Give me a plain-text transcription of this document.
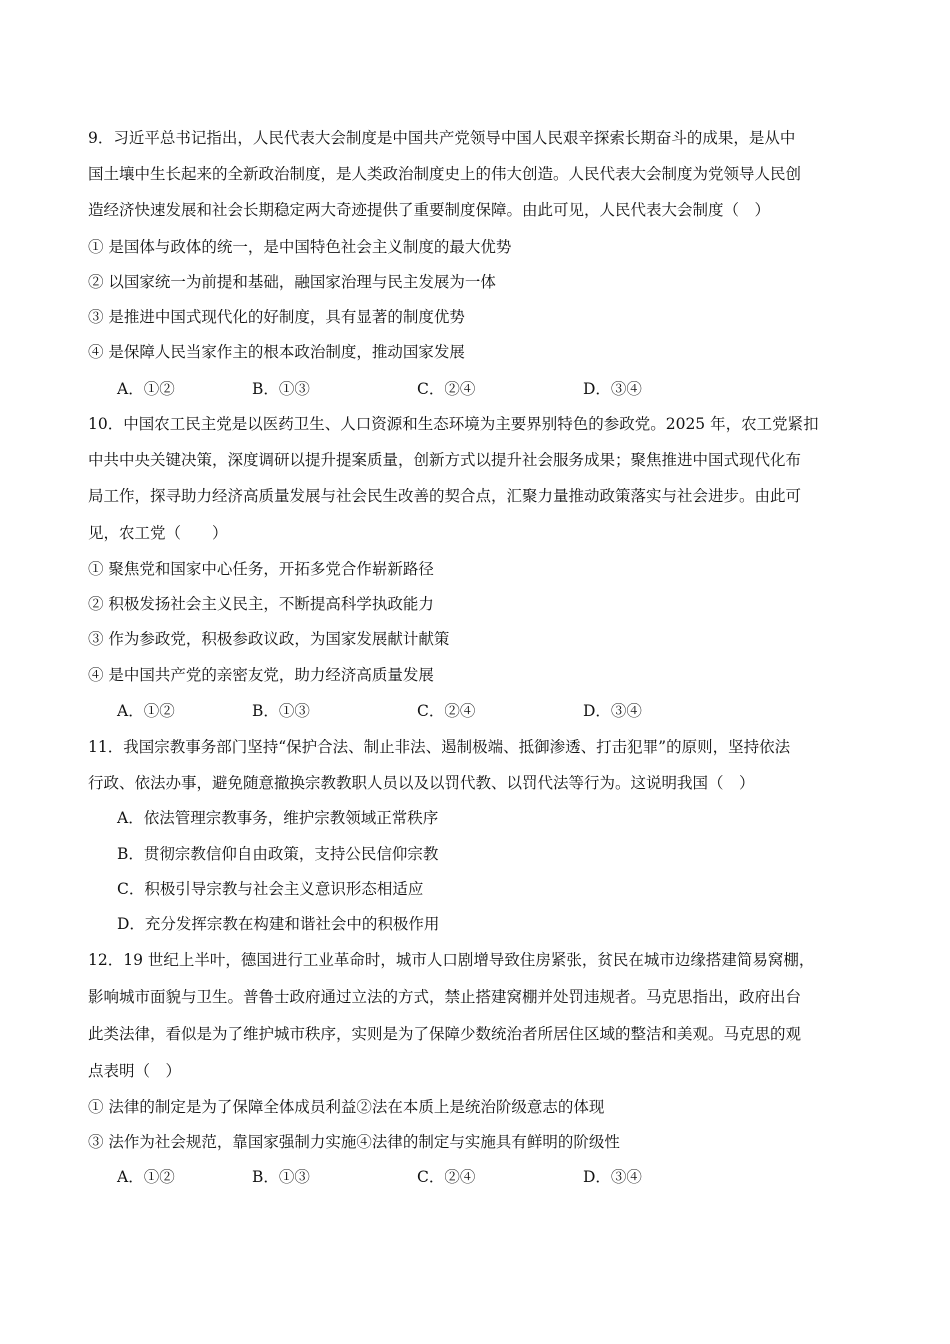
9．习近平总书记指出，人民代表大会制度是中国共产党领导中国人民艰辛探索长期奋斗的成果，是从中
国土壤中生长起来的全新政治制度，是人类政治制度史上的伟大创造。人民代表大会制度为党领导人民创
造经济快速发展和社会长期稳定两大奇迹提供了重要制度保障。由此可见，人民代表大会制度（　）
① 是国体与政体的统一，是中国特色社会主义制度的最大优势
② 以国家统一为前提和基础，融国家治理与民主发展为一体
③ 是推进中国式现代化的好制度，具有显著的制度优势
④ 是保障人民当家作主的根本政治制度，推动国家发展
A．①②	B．①③	C．②④	D．③④
10．中国农工民主党是以医药卫生、人口资源和生态环境为主要界别特色的参政党。2025 年，农工党紧扣
中共中央关键决策，深度调研以提升提案质量，创新方式以提升社会服务成果；聚焦推进中国式现代化布
局工作，探寻助力经济高质量发展与社会民生改善的契合点，汇聚力量推动政策落实与社会进步。由此可
见，农工党（　　）
① 聚焦党和国家中心任务，开拓多党合作崭新路径
② 积极发扬社会主义民主，不断提高科学执政能力
③ 作为参政党，积极参政议政，为国家发展献计献策
④ 是中国共产党的亲密友党，助力经济高质量发展
A．①②	B．①③	C．②④	D．③④
11．我国宗教事务部门坚持“保护合法、制止非法、遏制极端、抵御渗透、打击犯罪”的原则，坚持依法
行政、依法办事，避免随意撤换宗教教职人员以及以罚代教、以罚代法等行为。这说明我国（　）
A．依法管理宗教事务，维护宗教领域正常秩序
B．贯彻宗教信仰自由政策，支持公民信仰宗教
C．积极引导宗教与社会主义意识形态相适应
D．充分发挥宗教在构建和谐社会中的积极作用
12．19 世纪上半叶，德国进行工业革命时，城市人口剧增导致住房紧张，贫民在城市边缘搭建简易窝棚，
影响城市面貌与卫生。普鲁士政府通过立法的方式，禁止搭建窝棚并处罚违规者。马克思指出，政府出台
此类法律，看似是为了维护城市秩序，实则是为了保障少数统治者所居住区域的整洁和美观。马克思的观
点表明（　）
① 法律的制定是为了保障全体成员利益②法在本质上是统治阶级意志的体现
③ 法作为社会规范，靠国家强制力实施④法律的制定与实施具有鲜明的阶级性
A．①②	B．①③	C．②④	D．③④
